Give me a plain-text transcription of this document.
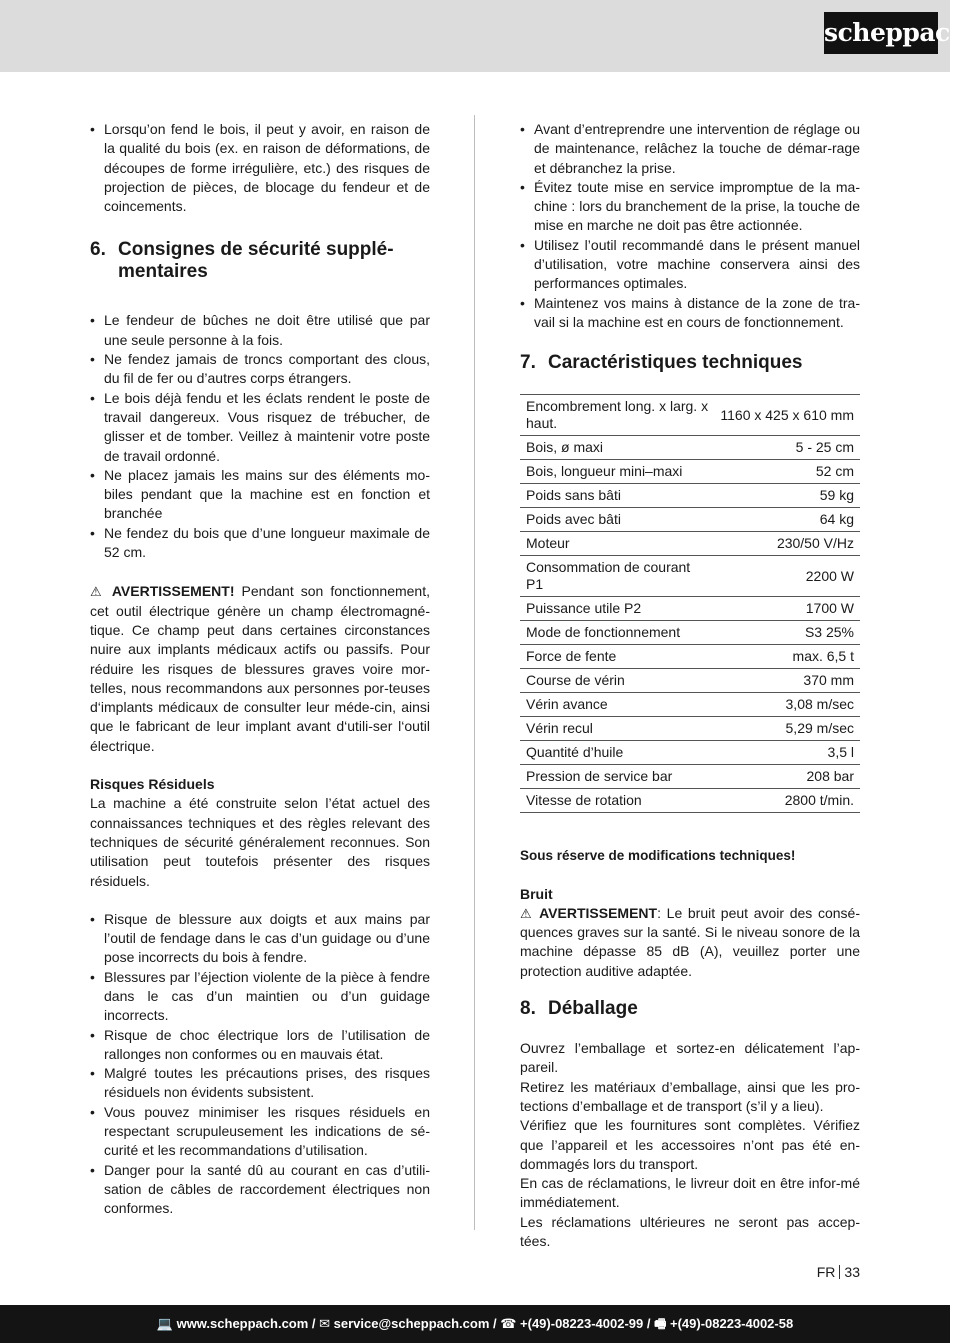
scheppach
• Lorsqu’on fend le bois, il peut y avoir, en raison de la qualité du bois (ex. en raison de déformations, de découpes de forme irrégulière, etc.) des risques de projection de pièces, de blocage du fendeur et de coincements.
6. Consignes de sécurité supplé-mentaires
• Le fendeur de bûches ne doit être utilisé que par une seule personne à la fois.
• Ne fendez jamais de troncs comportant des clous, du fil de fer ou d’autres corps étrangers.
• Le bois déjà fendu et les éclats rendent le poste de travail dangereux. Vous risquez de trébucher, de glisser et de tomber. Veillez à maintenir votre poste de travail ordonné.
• Ne placez jamais les mains sur des éléments mo-biles pendant que la machine est en fonction et branchée
• Ne fendez du bois que d’une longueur maximale de 52 cm.

⚠ AVERTISSEMENT! Pendant son fonctionnement, cet outil électrique génère un champ électromagné-tique. Ce champ peut dans certaines circonstances nuire aux implants médicaux actifs ou passifs. Pour réduire les risques de blessures graves voire mor-telles, nous recommandons aux personnes por-teuses d‘implants médicaux de consulter leur méde-cin, ainsi que le fabricant de leur implant avant d‘utili-ser l‘outil électrique.

Risques Résiduels

La machine a été construite selon l’état actuel des connaissances techniques et des règles relevant des techniques de sécurité généralement reconnues. Son utilisation peut toutefois présenter des risques résiduels.

• Risque de blessure aux doigts et aux mains par l’outil de fendage dans le cas d’un guidage ou d’une pose incorrects du bois à fendre.
• Blessures par l’éjection violente de la pièce à fendre dans le cas d’un maintien ou d’un guidage incorrects.
• Risque de choc électrique lors de l’utilisation de rallonges non conformes ou en mauvais état.
• Malgré toutes les précautions prises, des risques résiduels non évidents subsistent.
• Vous pouvez minimiser les risques résiduels en respectant scrupuleusement les indications de sé-curité et les recommandations d’utilisation.
• Danger pour la santé dû au courant en cas d’utili-sation de câbles de raccordement électriques non conformes.
• Avant d’entreprendre une intervention de réglage ou de maintenance, relâchez la touche de démar-rage et débranchez la prise.
• Évitez toute mise en service impromptue de la ma-chine : lors du branchement de la prise, la touche de mise en marche ne doit pas être actionnée.
• Utilisez l’outil recommandé dans le présent manuel d’utilisation, votre machine conservera ainsi des performances optimales.
• Maintenez vos mains à distance de la zone de tra-vail si la machine est en cours de fonctionnement.
7. Caractéristiques techniques
Encombrement long. x larg. x haut.	1160 x 425 x 610 mm
Bois, ø maxi	5 - 25 cm
Bois, longueur mini–maxi	52 cm
Poids sans bâti	59 kg
Poids avec bâti	64 kg
Moteur	230/50 V/Hz
Consommation de courant P1	2200 W
Puissance utile P2	1700 W
Mode de fonctionnement	S3 25%
Force de fente	max. 6,5 t
Course de vérin	370 mm
Vérin avance	3,08 m/sec
Vérin recul	5,29 m/sec
Quantité d’huile	3,5 l
Pression de service bar	208 bar
Vitesse de rotation	2800 t/min.

Sous réserve de modifications techniques!

Bruit

⚠ AVERTISSEMENT: Le bruit peut avoir des consé-quences graves sur la santé. Si le niveau sonore de la machine dépasse 85 dB (A), veuillez porter une protection auditive adaptée.

8. Déballage

Ouvrez l’emballage et sortez-en délicatement l’ap-pareil.

Retirez les matériaux d’emballage, ainsi que les pro-tections d’emballage et de transport (s’il y a lieu).

Vérifiez que les fournitures sont complètes. Vérifiez que l’appareil et les accessoires n’ont pas été en-dommagés lors du transport.

En cas de réclamations, le livreur doit en être infor-mé immédiatement.

Les réclamations ultérieures ne seront pas accep-tées.

FR 33
💻 www.scheppach.com / ✉ service@scheppach.com / ☎ +(49)-08223-4002-99 / 🖷 +(49)-08223-4002-58
